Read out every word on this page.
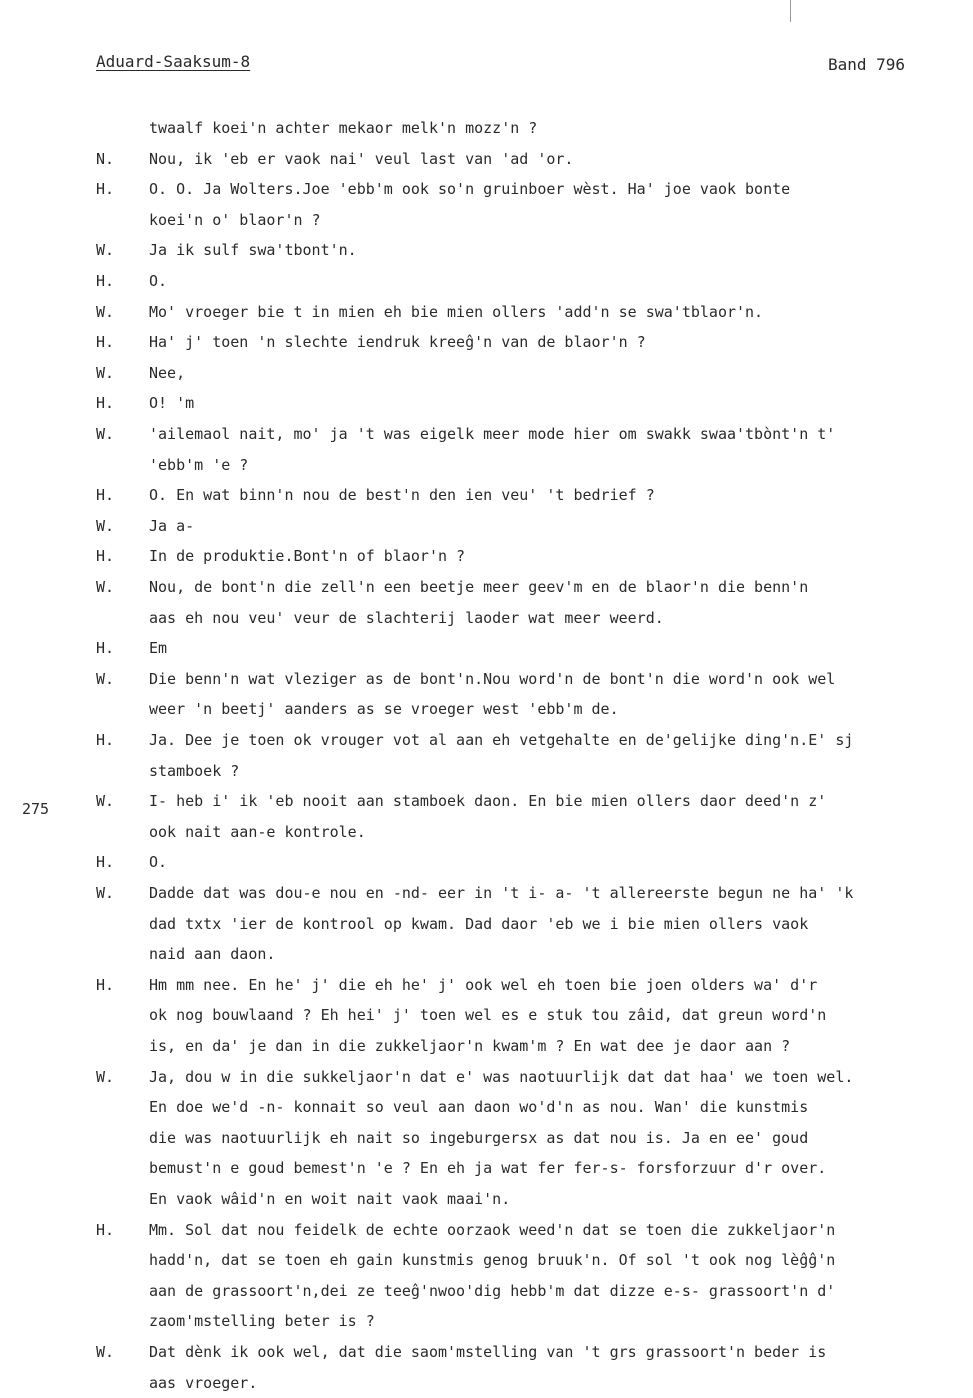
Aduard-Saaksum-8	Band 796
275
twaalf koei'n achter mekaor melk'n mozz'n ?
N. Nou, ik 'eb er vaok nai' veul last van 'ad 'or.
H. O. O. Ja Wolters.Joe 'ebb'm ook so'n gruinboer wèst. Ha' joe vaok bonte
koei'n o' blaor'n ?
W. Ja ik sulf swa'tbont'n.
H. O.
W. Mo' vroeger bie t in mien eh bie mien ollers 'add'n se swa'tblaor'n.
H. Ha' j' toen 'n slechte iendruk kreeĝ'n van de blaor'n ?
W. Nee,
H. O! 'm
W. 'ailemaol nait, mo' ja 't was eigelk meer mode hier om swakk swaa'tbònt'n t'
'ebb'm 'e ?
H. O. En wat binn'n nou de best'n den ien veu' 't bedrief ?
W. Ja a-
H. In de produktie.Bont'n of blaor'n ?
W. Nou, de bont'n die zell'n een beetje meer geev'm en de blaor'n die benn'n
aas eh nou veu' veur de slachterij laoder wat meer weerd.
H. Em
W. Die benn'n wat vleziger as de bont'n.Nou word'n de bont'n die word'n ook wel
weer 'n beetj' aanders as se vroeger west 'ebb'm de.
H. Ja. Dee je toen ok vrouger vot al aan eh vetgehalte en de'gelijke ding'n.E' sj
stamboek ?
W. I- heb i' ik 'eb nooit aan stamboek daon. En bie mien ollers daor deed'n z'
ook nait aan-e kontrole.
H. O.
W. Dadde dat was dou-e nou en -nd- eer in 't i- a- 't allereerste begun ne ha' 'k
dad txtx 'ier de kontrool op kwam. Dad daor 'eb we i bie mien ollers vaok
naid aan daon.
H. Hm mm nee. En he' j' die eh he' j' ook wel eh toen bie joen olders wa' d'r
ok nog bouwlaand ? Eh hei' j' toen wel es e stuk tou zâid, dat greun word'n
is, en da' je dan in die zukkeljaor'n kwam'm ? En wat dee je daor aan ?
W. Ja, dou w in die sukkeljaor'n dat e' was naotuurlijk dat dat haa' we toen wel.
En doe we'd -n- konnait so veul aan daon wo'd'n as nou. Wan' die kunstmis
die was naotuurlijk eh nait so ingeburgersx as dat nou is. Ja en ee' goud
bemust'n e goud bemest'n 'e ? En eh ja wat fer fer-s- forsforzuur d'r over.
En vaok wâid'n en woit nait vaok maai'n.
H. Mm. Sol dat nou feidelk de echte oorzaok weed'n dat se toen die zukkeljaor'n
hadd'n, dat se toen eh gain kunstmis genog bruuk'n. Of sol 't ook nog lèĝĝ'n
aan de grassoort'n,dei ze teeĝ'nwoo'dig hebb'm dat dizze e-s- grassoort'n d'
zaom'mstelling beter is ?
W. Dat dènk ik ook wel, dat die saom'mstelling van 't grs grassoort'n beder is
aas vroeger.
